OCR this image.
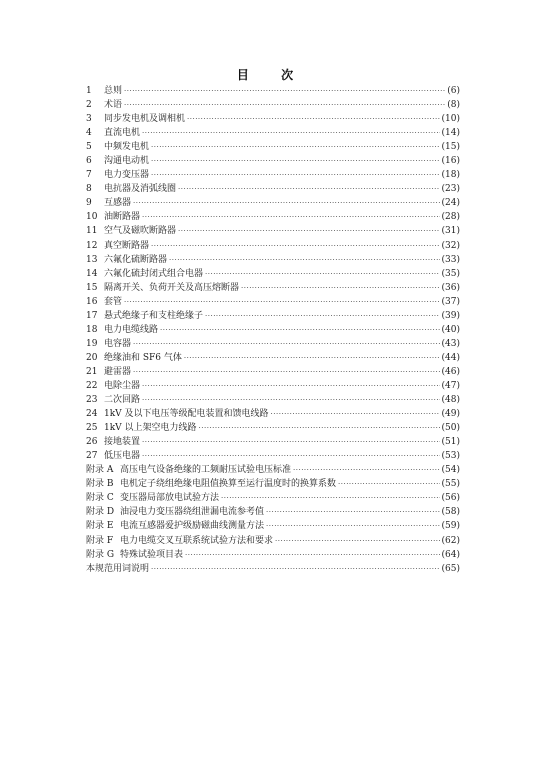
目 次
1	总则 ·····	(6)
2	术语 ·····	(8)
3	同步发电机及调相机 ·····	(10)
4	直流电机 ·····	(14)
5	中频发电机 ·····	(15)
6	沟通电动机 ·····	(16)
7	电力变压器 ·····	(18)
8	电抗器及消弧线圈 ·····	(23)
9	互感器 ·····	(24)
10 油断路器 ·····	(28)
11 空气及磁吹断路器 ·····	(31)
12 真空断路器 ·····	(32)
13 六氟化硫断路器 ·····	(33)
14 六氟化硫封闭式组合电器 ·····	(35)
15 隔离开关、负荷开关及高压熔断器 ·····	(36)
16 套管 ·····	(37)
17 悬式绝缘子和支柱绝缘子 ·····	(39)
18 电力电缆线路 ·····	(40)
19 电容器 ·····	(43)
20 绝缘油和 SF6 气体 ·····	(44)
21 避雷器 ·····	(46)
22 电除尘器 ·····	(47)
23 二次回路 ·····	(48)
24 1kV 及以下电压等级配电装置和馈电线路 ·····	(49)
25 1kV 以上架空电力线路 ·····	(50)
26 接地装置 ·····	(51)
27 低压电器 ·····	(53)
附录 A 高压电气设备绝缘的工频耐压试验电压标准 ·····	(54)
附录 B 电机定子绕组绝缘电阻值换算至运行温度时的换算系数 ·····	(55)
附录 C 变压器局部放电试验方法 ·····	(56)
附录 D 油浸电力变压器绕组泄漏电流参考值 ·····	(58)
附录 E 电流互感器爱护级励磁曲线测量方法 ·····	(59)
附录 F 电力电缆交叉互联系统试验方法和要求 ·····	(62)
附录 G 特殊试验项目表 ·····	(64)
本规范用词说明 ·····	(65)
